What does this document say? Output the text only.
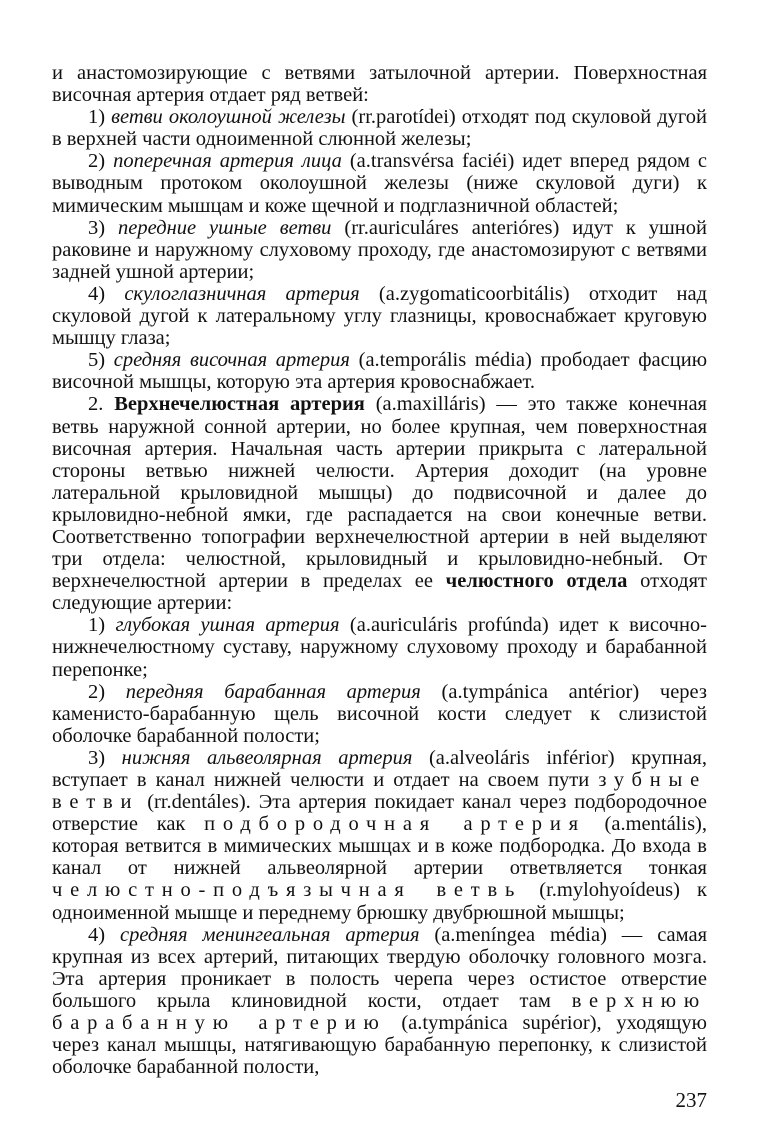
и анастомозирующие с ветвями затылочной артерии. Поверхностная височная артерия отдает ряд ветвей:

1) ветви околоушной железы (rr.parotídei) отходят под скуловой дугой в верхней части одноименной слюнной железы;

2) поперечная артерия лица (a.transvérsa faciéi) идет вперед рядом с выводным протоком околоушной железы (ниже скуловой дуги) к мимическим мышцам и коже щечной и подглазничной областей;

3) передние ушные ветви (rr.auriculáres anterióres) идут к ушной раковине и наружному слуховому проходу, где анастомозируют с ветвями задней ушной артерии;

4) скулоглазничная артерия (a.zygomaticoorbitális) отходит над скуловой дугой к латеральному углу глазницы, кровоснабжает круговую мышцу глаза;

5) средняя височная артерия (a.temporális média) прободает фасцию височной мышцы, которую эта артерия кровоснабжает.

2. Верхнечелюстная артерия (a.maxilláris) — это также конечная ветвь наружной сонной артерии, но более крупная, чем поверхностная височная артерия. Начальная часть артерии прикрыта с латеральной стороны ветвью нижней челюсти. Артерия доходит (на уровне латеральной крыловидной мышцы) до подвисочной и далее до крыловидно-небной ямки, где распадается на свои конечные ветви. Соответственно топографии верхнечелюстной артерии в ней выделяют три отдела: челюстной, крыловидный и крыловидно-небный. От верхнечелюстной артерии в пределах ее челюстного отдела отходят следующие артерии:

1) глубокая ушная артерия (a.auriculáris profúnda) идет к височно-нижнечелюстному суставу, наружному слуховому проходу и барабанной перепонке;

2) передняя барабанная артерия (a.tympánica antérior) через каменисто-барабанную щель височной кости следует к слизистой оболочке барабанной полости;

3) нижняя альвеолярная артерия (a.alveoláris inférior) крупная, вступает в канал нижней челюсти и отдает на своем пути зубные ветви (rr.dentáles). Эта артерия покидает канал через подбородочное отверстие как подбородочная артерия (a.mentális), которая ветвится в мимических мышцах и в коже подбородка. До входа в канал от нижней альвеолярной артерии ответвляется тонкая челюстно-подъязычная ветвь (r.mylohyoídeus) к одноименной мышце и переднему брюшку двубрюшной мышцы;

4) средняя менингеальная артерия (a.meníngea média) — самая крупная из всех артерий, питающих твердую оболочку головного мозга. Эта артерия проникает в полость черепа через остистое отверстие большого крыла клиновидной кости, отдает там верхнюю барабанную артерию (a.tympánica supérior), уходящую через канал мышцы, натягивающую барабанную перепонку, к слизистой оболочке барабанной полости,

237
